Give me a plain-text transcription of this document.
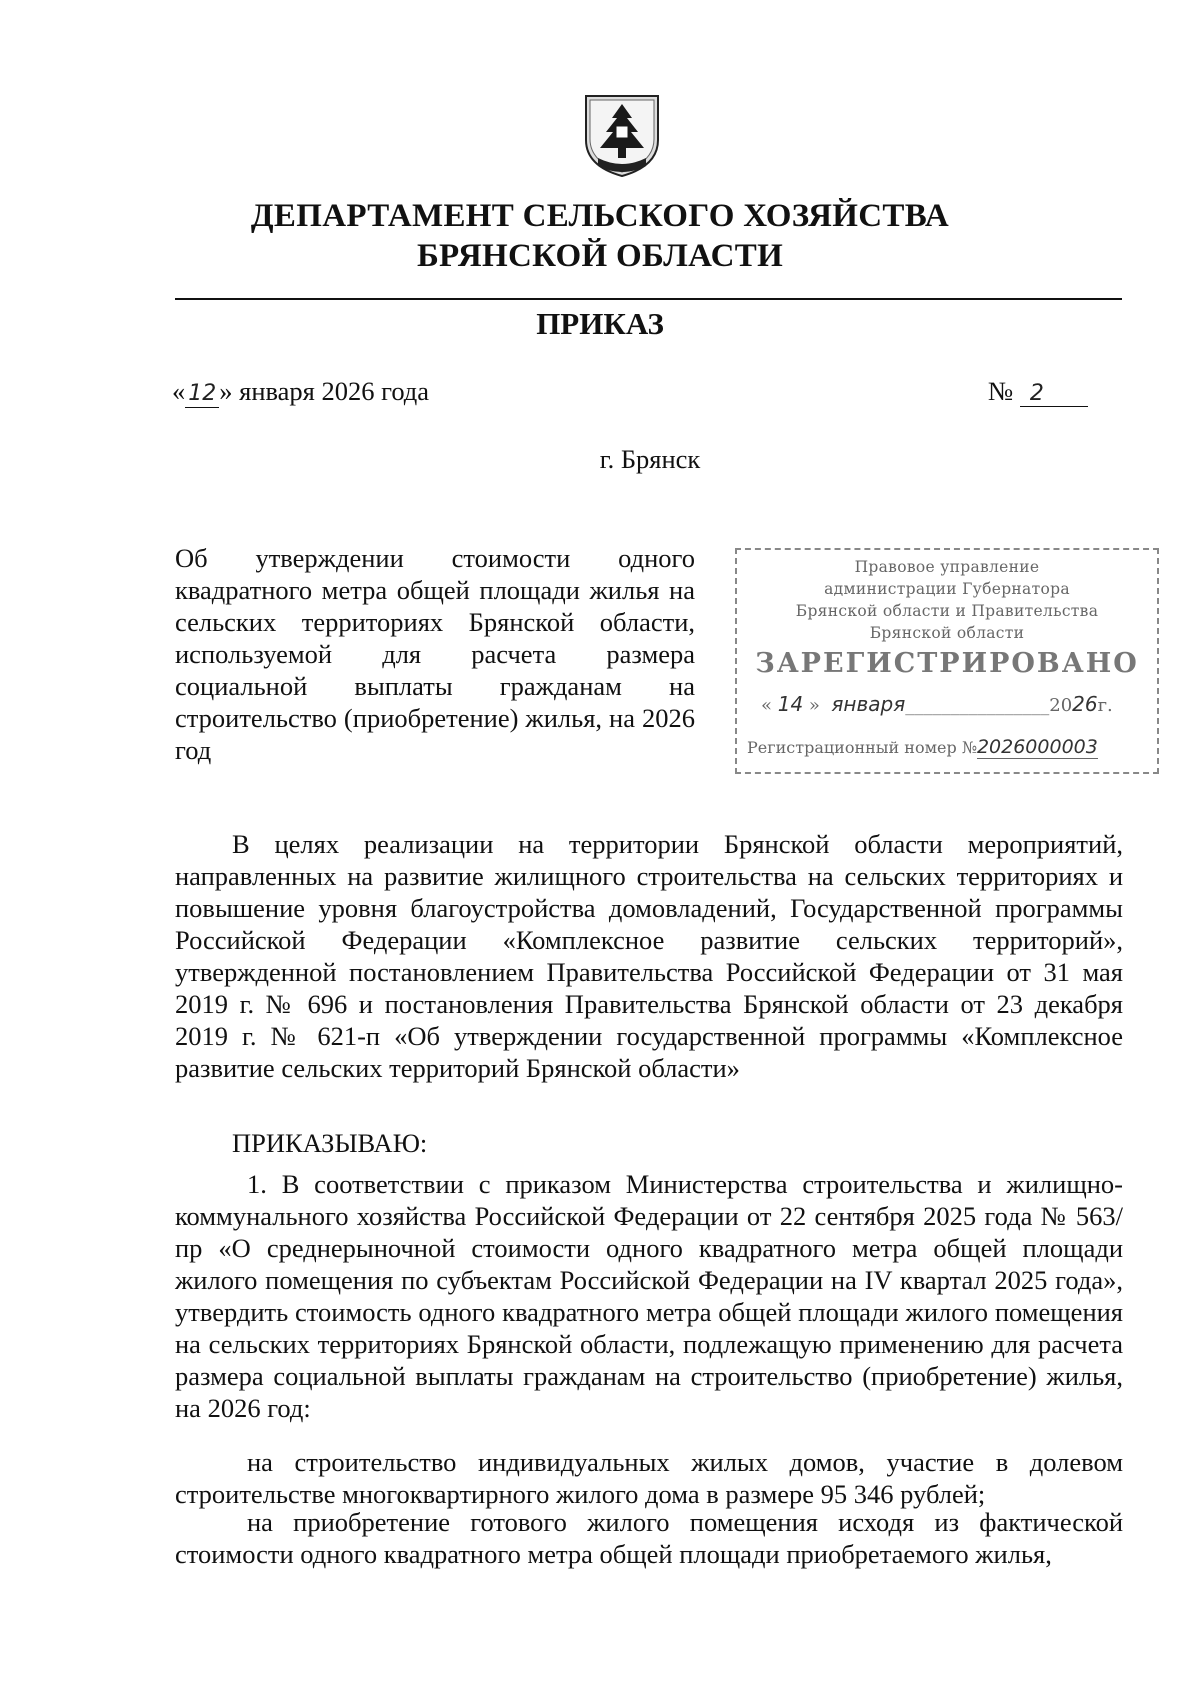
ДЕПАРТАМЕНТ СЕЛЬСКОГО ХОЗЯЙСТВА
БРЯНСКОЙ ОБЛАСТИ
ПРИКАЗ
« 12 » января 2026 года	№ 2
г. Брянск
Об утверждении стоимости одного квадратного метра общей площади жилья на сельских территориях Брянской области, используемой для расчета размера социальной выплаты гражданам на строительство (приобретение) жилья, на 2026 год
Правовое управление
администрации Губернатора
Брянской области и Правительства
Брянской области
ЗАРЕГИСТРИРОВАНО
« 14 »  января________________2026г.
Регистрационный номер №2026000003
В целях реализации на территории Брянской области мероприятий, направленных на развитие жилищного строительства на сельских территориях и повышение уровня благоустройства домовладений, Государственной программы Российской Федерации «Комплексное развитие сельских территорий», утвержденной постановлением Правительства Российской Федерации от 31 мая 2019 г. № 696 и постановления Правительства Брянской области от 23 декабря 2019 г. № 621-п «Об утверждении государственной программы «Комплексное развитие сельских территорий Брянской области»
ПРИКАЗЫВАЮ:
1. В соответствии с приказом Министерства строительства и жилищно-коммунального хозяйства Российской Федерации от 22 сентября 2025 года № 563/пр «О среднерыночной стоимости одного квадратного метра общей площади жилого помещения по субъектам Российской Федерации на IV квартал 2025 года», утвердить стоимость одного квадратного метра общей площади жилого помещения на сельских территориях Брянской области, подлежащую применению для расчета размера социальной выплаты гражданам на строительство (приобретение) жилья, на 2026 год:
на строительство индивидуальных жилых домов, участие в долевом строительстве многоквартирного жилого дома в размере 95 346 рублей;
на приобретение готового жилого помещения исходя из фактической стоимости одного квадратного метра общей площади приобретаемого жилья,
